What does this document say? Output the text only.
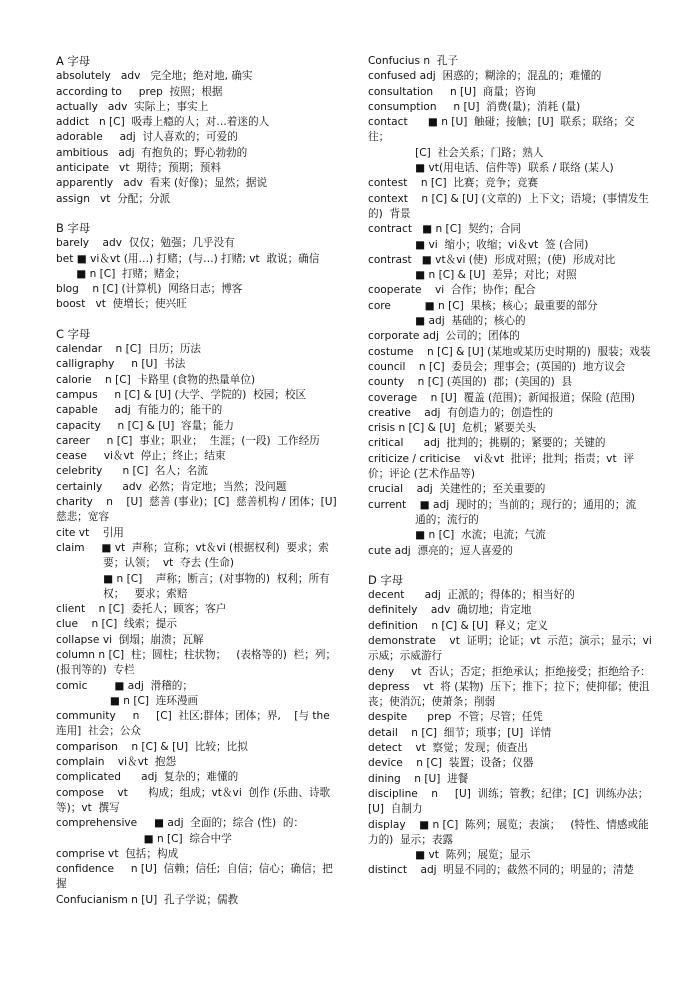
A 字母
absolutely   adv   完全地；绝对地, 确实
according to     prep  按照；根据
actually   adv  实际上；事实上
addict   n [C]  吸毒上瘾的人；对…着迷的人
adorable     adj  讨人喜欢的；可爱的
ambitious   adj  有抱负的；野心勃勃的
anticipate   vt  期待；预期；预料
apparently   adv  看来 (好像)；显然；据说
assign   vt  分配；分派
B 字母
barely    adv  仅仅；勉强；几乎没有
bet ■ vi＆vt (用…) 打赌；(与…) 打赌; vt  敢说；确信
■ n [C]  打赌；赌金；
blog    n [C] (计算机)  网络日志；博客
boost   vt  使増长；使兴旺
C 字母
calendar    n [C]  日历；历法
calligraphy     n [U]  书法
calorie    n [C]  卡路里 (食物的热量单位)
campus     n [C] & [U] (大学、学院的)  校园；校区
capable     adj  有能力的；能干的
capacity     n [C] & [U]  容量；能力
career     n [C]  事业；职业；  生涯；(一段)  工作经历
cease     vi＆vt  停止；终止；结束
celebrity      n [C]  名人；名流
certainly      adv  必然；肯定地；当然；没问题
charity    n    [U]  慈善 (事业)；[C]  慈善机构 / 团体；[U]  慈悲；宽容
cite vt    引用
claim     ■ vt  声称；宣称；vt＆vi (根据权利)  要求；索
要；认领；  vt  夺去 (生命)
■ n [C]    声称；断言；(对事物的)  权利；所有
权；   要求；索赔
client    n [C]  委托人；顾客；客户
clue    n [C]  线索；提示
collapse vi  倒塌；崩溃；瓦解
column n [C]  柱；圆柱；柱状物；   (表格等的)  栏；列；(报刊等的)  专栏
comic        ■ adj  滑稽的；
■ n [C]  连环漫画
community     n     [C]  社区;群体；团体；界,    [与 the 连用]  社会；公众
comparison    n [C] & [U]  比较；比拟
complain    vi＆vt  抱怨
complicated      adj  复杂的；难懂的
compose    vt      构成；组成；vt＆vi  创作 (乐曲、诗歌等)；vt  撰写
comprehensive     ■ adj  全面的；综合 (性)  的：
■ n [C]  综合中学
comprise vt  包括；构成
confidence     n [U]  信赖；信任;  自信；信心；确信；把握
Confucianism n [U]  孔子学说；儒教
Confucius n  孔子
confused adj  困惑的；糊涂的；混乱的；难懂的
consultation     n [U]  商量；咨询
consumption     n [U]  消费(量)；消耗 (量)
contact      ■ n [U]  触碰；接触；[U]  联系；联络；交往；
[C]  社会关系；门路；熟人
■ vt(用电话、信件等)  联系 / 联络 (某人)
contest    n [C]  比赛；竞争；竞赛
context    n [C] & [U] (文章的)  上下文；语境；(事情发生的)  背景
contract   ■ n [C]  契约；合同
■ vi  缩小；收缩；vi＆vt  签 (合同)
contrast   ■ vt＆vi (使)  形成对照；(使)  形成对比
■ n [C] & [U]  差异；对比；对照
cooperate    vi  合作；协作；配合
core          ■ n [C]  果核；核心；最重要的部分
■ adj  基础的；核心的
corporate adj  公司的；团体的
costume    n [C] & [U] (某地或某历史时期的)  服装；戏装
council    n [C]  委员会；理事会；(英国的)  地方议会
county    n [C] (英国的)  郡；(美国的)  县
coverage    n [U]  覆盖 (范围)；新闻报道；保险 (范围)
creative    adj  有创造力的；创造性的
crisis n [C] & [U]  危机；紧要关头
critical      adj  批判的；挑剔的；紧要的；关键的
criticize / criticise    vi＆vt  批评；批判；指责；vt  评价；评论 (艺术作品等)
crucial    adj  关建性的；至关重要的
current    ■ adj  现时的；当前的；现行的；通用的；流
通的；流行的
■ n [C]  水流；电流；气流
cute adj  漂亮的；逗人喜爱的
D 字母
decent      adj  正派的；得体的；相当好的
definitely    adv  确切地；肯定地
definition    n [C] & [U]  释义；定义
demonstrate    vt  证明；论证；vt  示范；演示；显示；vi  示威；示威游行
deny     vt  否认；否定；拒绝承认；拒绝接受；拒绝给予：
depress    vt  将 (某物)  压下；推下；拉下；使抑郁；使沮丧；使消沉；使萧条；削弱
despite      prep  不管；尽管；任凭
detail    n [C]  细节；琐事；[U]  详情
detect    vt  察觉；发现；侦查出
device    n [C]  装置；设备；仪器
dining    n [U]  进餐
discipline    n     [U]  训练；管教；纪律；[C]  训练办法；[U]  自制力
display    ■ n [C]  陈列；展览；表演；   (特性、情感或能力的)  显示；表露
■ vt  陈列；展览；显示
distinct    adj  明显不同的；截然不同的；明显的；清楚
